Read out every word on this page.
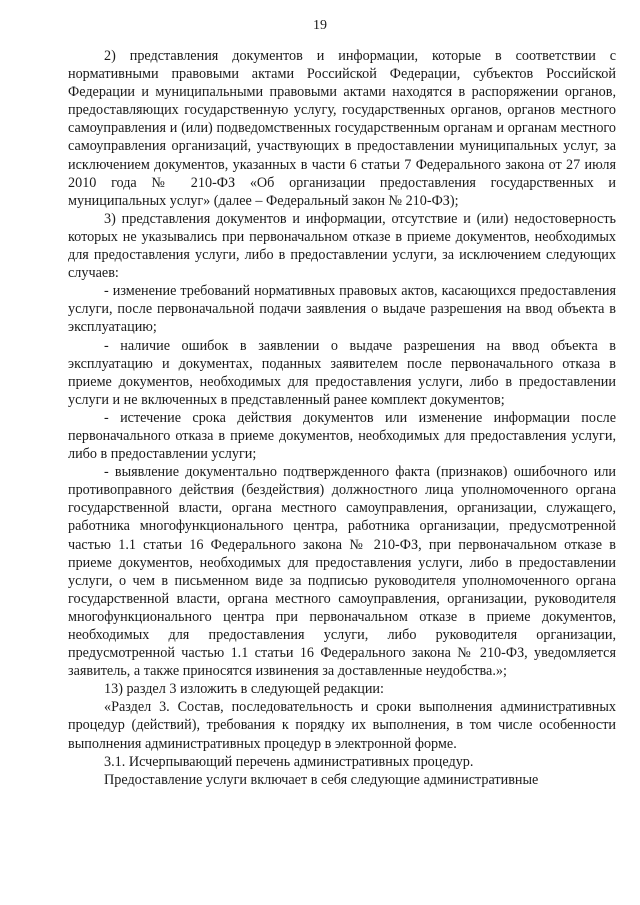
19

2) представления документов и информации, которые в соответствии с нормативными правовыми актами Российской Федерации, субъектов Российской Федерации и муниципальными правовыми актами находятся в распоряжении органов, предоставляющих государственную услугу, государственных органов, органов местного самоуправления и (или) подведомственных государственным органам и органам местного самоуправления организаций, участвующих в предоставлении муниципальных услуг, за исключением документов, указанных в части 6 статьи 7 Федерального закона от 27 июля 2010 года № 210-ФЗ «Об организации предоставления государственных и муниципальных услуг» (далее – Федеральный закон № 210-ФЗ);

3) представления документов и информации, отсутствие и (или) недостоверность которых не указывались при первоначальном отказе в приеме документов, необходимых для предоставления услуги, либо в предоставлении услуги, за исключением следующих случаев:

- изменение требований нормативных правовых актов, касающихся предоставления услуги, после первоначальной подачи заявления о выдаче разрешения на ввод объекта в эксплуатацию;

- наличие ошибок в заявлении о выдаче разрешения на ввод объекта в эксплуатацию и документах, поданных заявителем после первоначального отказа в приеме документов, необходимых для предоставления услуги, либо в предоставлении услуги и не включенных в представленный ранее комплект документов;

- истечение срока действия документов или изменение информации после первоначального отказа в приеме документов, необходимых для предоставления услуги, либо в предоставлении услуги;

- выявление документально подтвержденного факта (признаков) ошибочного или противоправного действия (бездействия) должностного лица уполномоченного органа государственной власти, органа местного самоуправления, организации, служащего, работника многофункционального центра, работника организации, предусмотренной частью 1.1 статьи 16 Федерального закона № 210-ФЗ, при первоначальном отказе в приеме документов, необходимых для предоставления услуги, либо в предоставлении услуги, о чем в письменном виде за подписью руководителя уполномоченного органа государственной власти, органа местного самоуправления, организации, руководителя многофункционального центра при первоначальном отказе в приеме документов, необходимых для предоставления услуги, либо руководителя организации, предусмотренной частью 1.1 статьи 16 Федерального закона № 210-ФЗ, уведомляется заявитель, а также приносятся извинения за доставленные неудобства.»;

13) раздел 3 изложить в следующей редакции:

«Раздел 3. Состав, последовательность и сроки выполнения административных процедур (действий), требования к порядку их выполнения, в том числе особенности выполнения административных процедур в электронной форме.

3.1. Исчерпывающий перечень административных процедур.

Предоставление услуги включает в себя следующие административные
